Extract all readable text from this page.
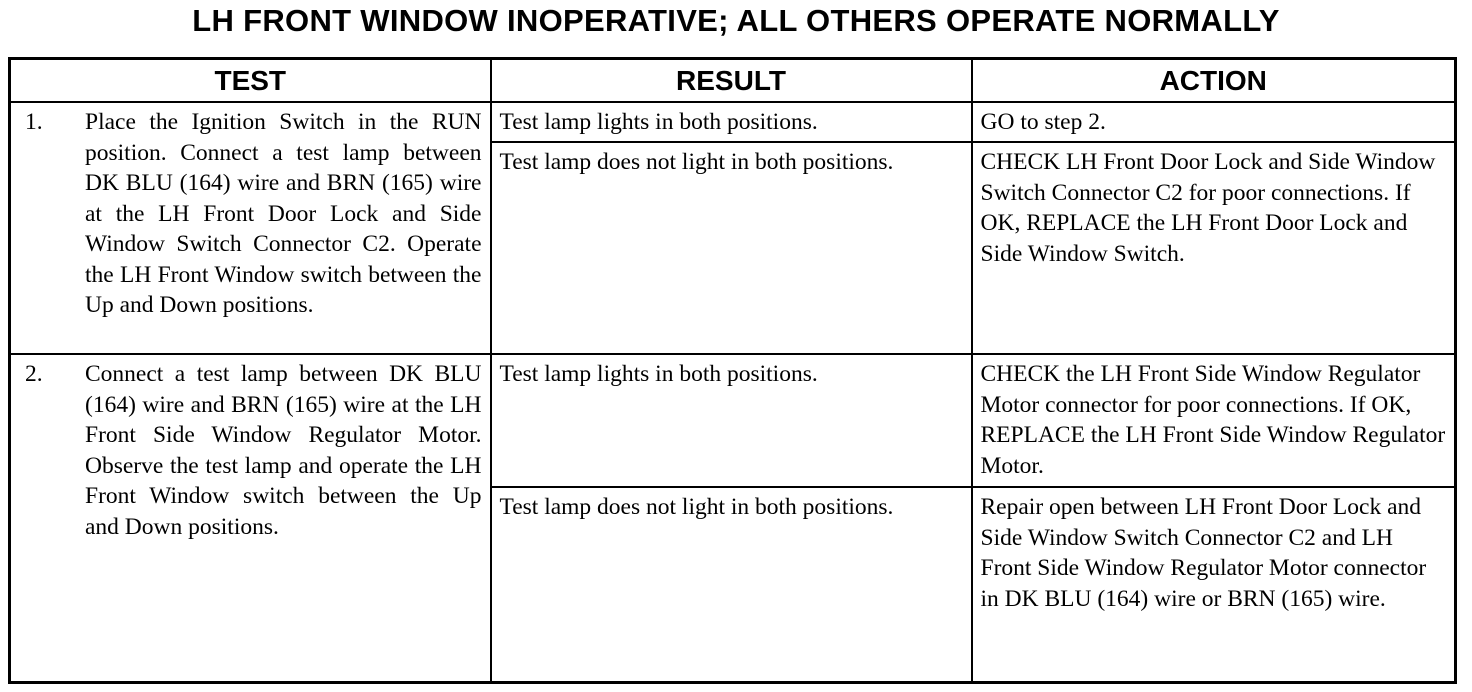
LH FRONT WINDOW INOPERATIVE; ALL OTHERS OPERATE NORMALLY
TEST	RESULT	ACTION

1. Place the Ignition Switch in the RUN position. Connect a test lamp between DK BLU (164) wire and BRN (165) wire at the LH Front Door Lock and Side Window Switch Connector C2. Operate the LH Front Window switch between the Up and Down positions.	Test lamp lights in both positions.	GO to step 2.

	Test lamp does not light in both positions.	CHECK LH Front Door Lock and Side Window Switch Connector C2 for poor connections. If OK, REPLACE the LH Front Door Lock and Side Window Switch.

2. Connect a test lamp between DK BLU (164) wire and BRN (165) wire at the LH Front Side Window Regulator Motor. Observe the test lamp and operate the LH Front Window switch between the Up and Down positions.	Test lamp lights in both positions.	CHECK the LH Front Side Window Regulator Motor connector for poor connections. If OK, REPLACE the LH Front Side Window Regulator Motor.

	Test lamp does not light in both positions.	Repair open between LH Front Door Lock and Side Window Switch Connector C2 and LH Front Side Window Regulator Motor connector in DK BLU (164) wire or BRN (165) wire.
